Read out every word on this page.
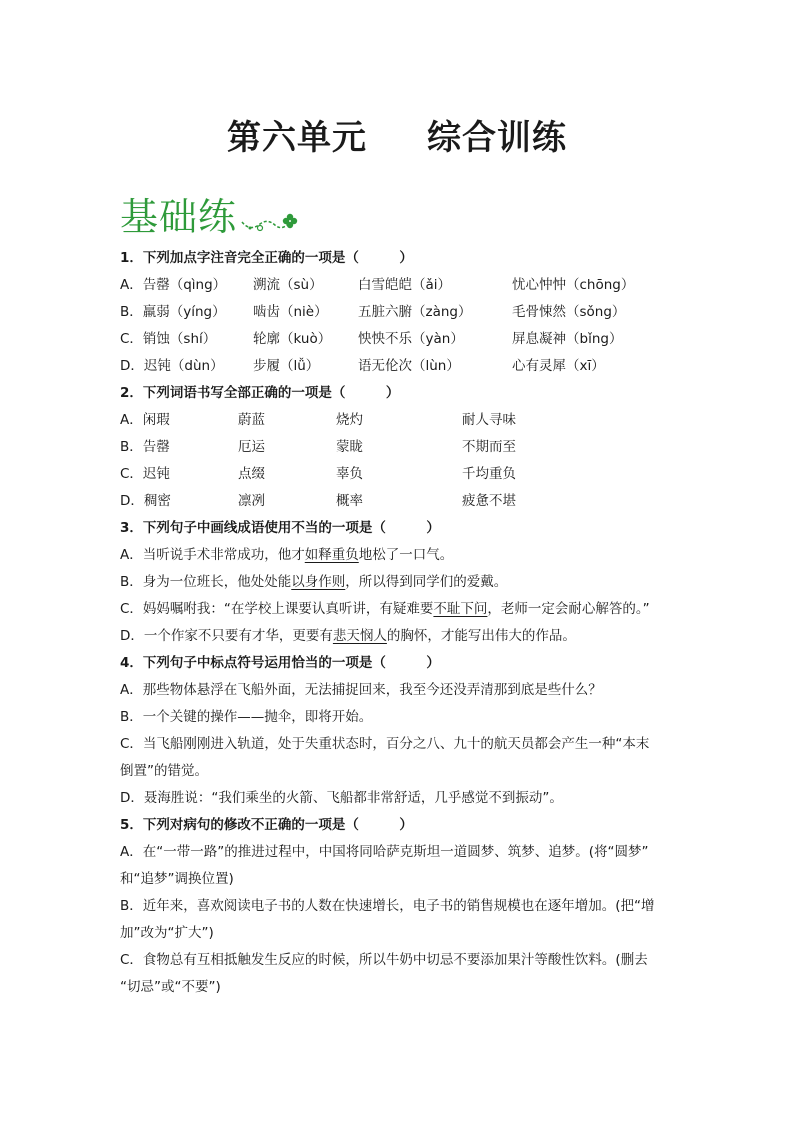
第六单元 综合训练
基础练
1．下列加点字注音完全正确的一项是（　　　）
A．告罄（qìng） 溯流（sù）	白雪皑皑（ǎi）	忧心忡忡（chōng）
B．羸弱（yíng） 啮齿（niè） 五脏六腑（zàng）	毛骨悚然（sǒng）
C．销蚀（shí）	轮廓（kuò） 怏怏不乐（yàn）	屏息凝神（bǐng）
D．迟钝（dùn） 步履（lǚ）	语无伦次（lùn）	心有灵犀（xī）
2．下列词语书写全部正确的一项是（　　　）
A．闲瑕	蔚蓝	烧灼	耐人寻味
B．告罄	厄运	蒙眬	不期而至
C．迟钝	点缀	辜负	千均重负
D．稠密	凛冽	概率	疲惫不堪
3．下列句子中画线成语使用不当的一项是（　　　）
A．当听说手术非常成功，他才如释重负地松了一口气。
B．身为一位班长，他处处能以身作则，所以得到同学们的爱戴。
C．妈妈嘱咐我：“在学校上课要认真听讲，有疑难要不耻下问，老师一定会耐心解答的。”
D．一个作家不只要有才华，更要有悲天悯人的胸怀，才能写出伟大的作品。
4．下列句子中标点符号运用恰当的一项是（　　　）
A．那些物体悬浮在飞船外面，无法捕捉回来，我至今还没弄清那到底是些什么？
B．一个关键的操作——抛伞，即将开始。
C．当飞船刚刚进入轨道，处于失重状态时，百分之八、九十的航天员都会产生一种“本末
倒置”的错觉。
D．聂海胜说：“我们乘坐的火箭、飞船都非常舒适，几乎感觉不到振动”。
5．下列对病句的修改不正确的一项是（　　　）
A．在“一带一路”的推进过程中，中国将同哈萨克斯坦一道圆梦、筑梦、追梦。(将“圆梦”
和“追梦”调换位置)
B．近年来，喜欢阅读电子书的人数在快速增长，电子书的销售规模也在逐年增加。(把“增
加”改为“扩大”)
C．食物总有互相抵触发生反应的时候，所以牛奶中切忌不要添加果汁等酸性饮料。(删去
“切忌”或“不要”)
